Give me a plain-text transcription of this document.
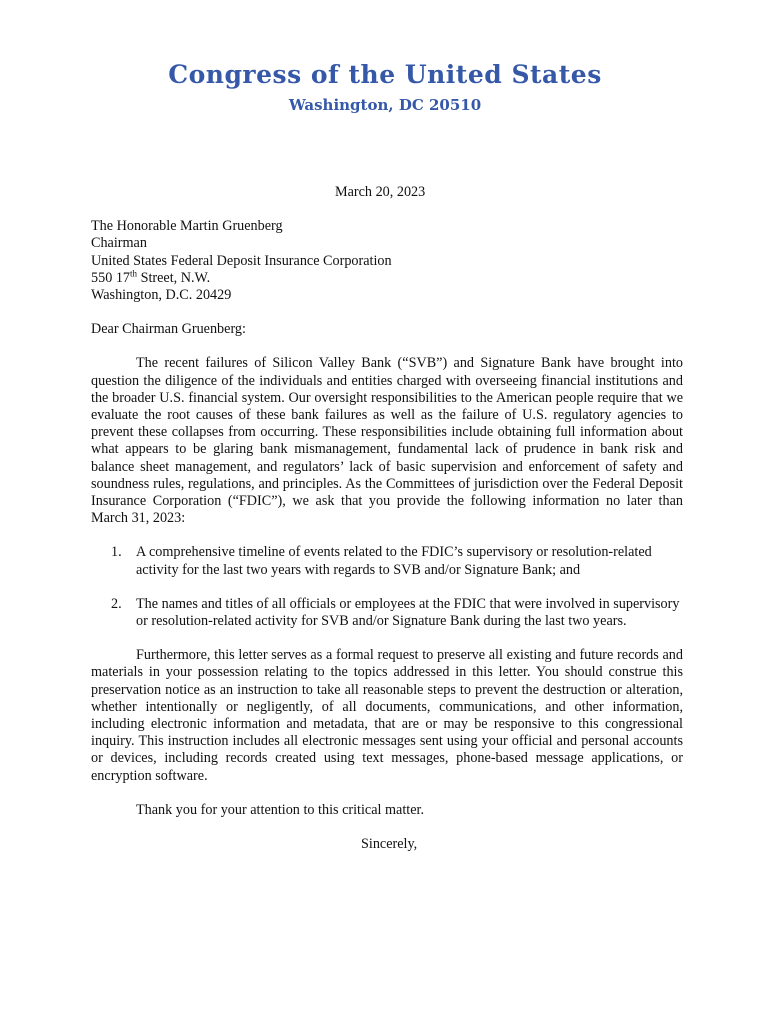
Congress of the United States
Washington, DC 20510
March 20, 2023
The Honorable Martin Gruenberg
Chairman
United States Federal Deposit Insurance Corporation
550 17th Street, N.W.
Washington, D.C. 20429
Dear Chairman Gruenberg:
The recent failures of Silicon Valley Bank (“SVB”) and Signature Bank have brought into question the diligence of the individuals and entities charged with overseeing financial institutions and the broader U.S. financial system. Our oversight responsibilities to the American people require that we evaluate the root causes of these bank failures as well as the failure of U.S. regulatory agencies to prevent these collapses from occurring. These responsibilities include obtaining full information about what appears to be glaring bank mismanagement, fundamental lack of prudence in bank risk and balance sheet management, and regulators’ lack of basic supervision and enforcement of safety and soundness rules, regulations, and principles. As the Committees of jurisdiction over the Federal Deposit Insurance Corporation (“FDIC”), we ask that you provide the following information no later than March 31, 2023:
1. A comprehensive timeline of events related to the FDIC’s supervisory or resolution-related activity for the last two years with regards to SVB and/or Signature Bank; and
2. The names and titles of all officials or employees at the FDIC that were involved in supervisory or resolution-related activity for SVB and/or Signature Bank during the last two years.
Furthermore, this letter serves as a formal request to preserve all existing and future records and materials in your possession relating to the topics addressed in this letter. You should construe this preservation notice as an instruction to take all reasonable steps to prevent the destruction or alteration, whether intentionally or negligently, of all documents, communications, and other information, including electronic information and metadata, that are or may be responsive to this congressional inquiry. This instruction includes all electronic messages sent using your official and personal accounts or devices, including records created using text messages, phone-based message applications, or encryption software.
Thank you for your attention to this critical matter.
Sincerely,
